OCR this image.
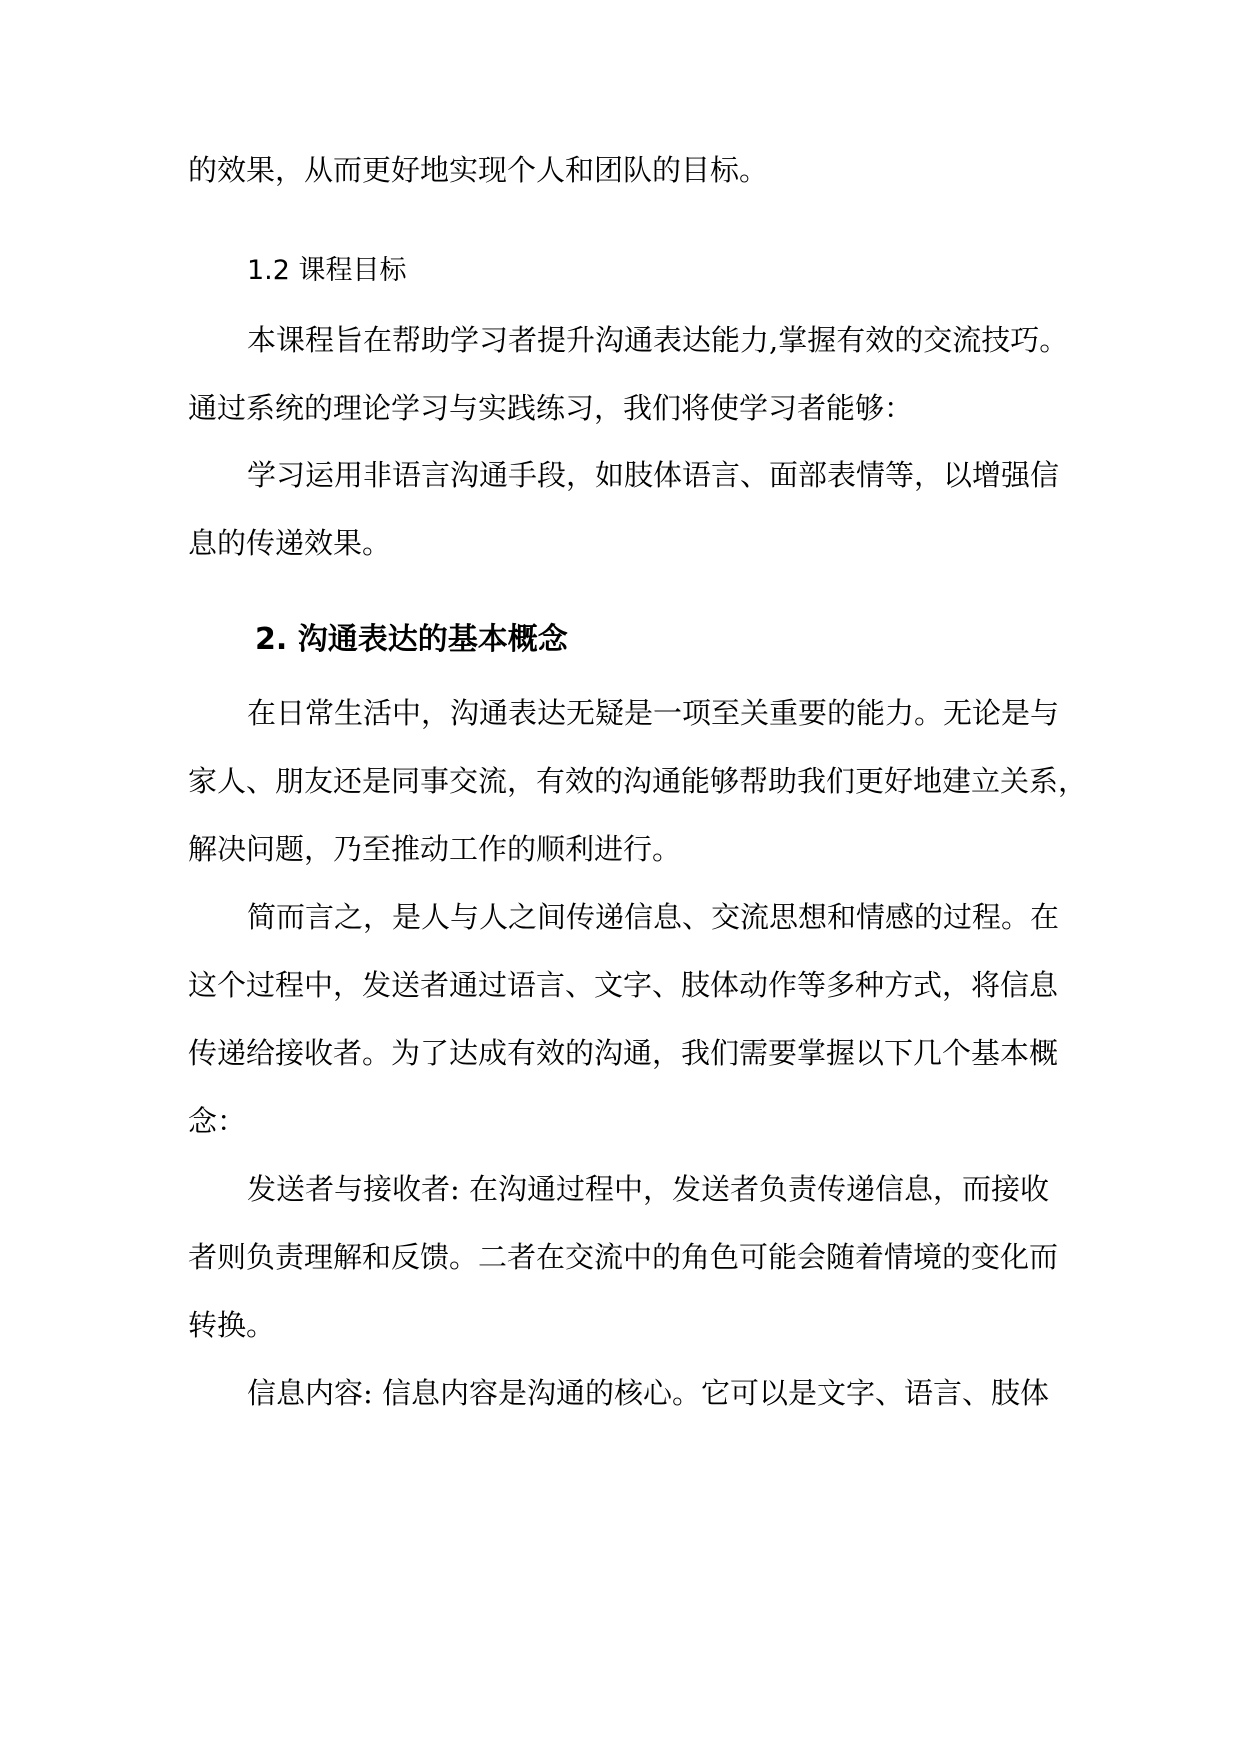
的效果，从而更好地实现个人和团队的目标。
1.2 课程目标
本课程旨在帮助学习者提升沟通表达能力,掌握有效的交流技巧。
通过系统的理论学习与实践练习，我们将使学习者能够：
学习运用非语言沟通手段，如肢体语言、面部表情等，以增强信
息的传递效果。
2. 沟通表达的基本概念
在日常生活中，沟通表达无疑是一项至关重要的能力。无论是与
家人、朋友还是同事交流，有效的沟通能够帮助我们更好地建立关系，
解决问题，乃至推动工作的顺利进行。
简而言之，是人与人之间传递信息、交流思想和情感的过程。在
这个过程中，发送者通过语言、文字、肢体动作等多种方式，将信息
传递给接收者。为了达成有效的沟通，我们需要掌握以下几个基本概
念：
发送者与接收者: 在沟通过程中，发送者负责传递信息，而接收
者则负责理解和反馈。二者在交流中的角色可能会随着情境的变化而
转换。
信息内容: 信息内容是沟通的核心。它可以是文字、语言、肢体
